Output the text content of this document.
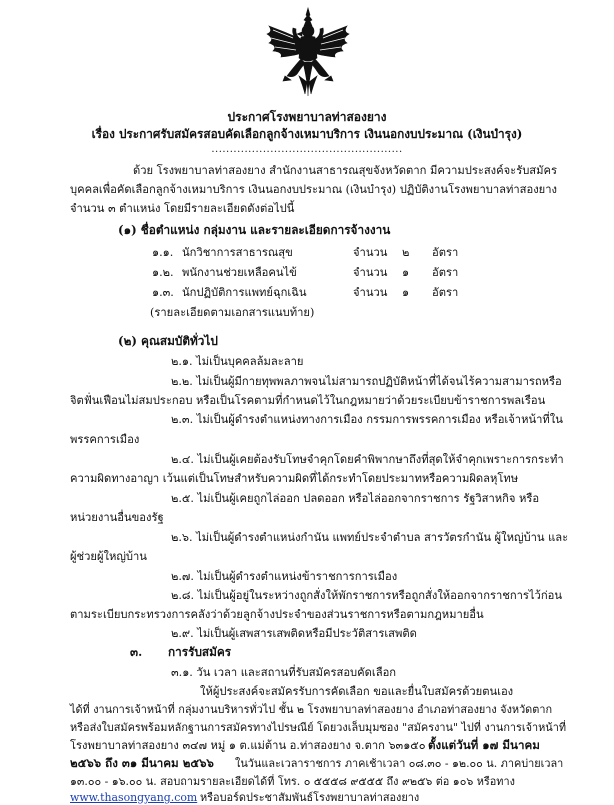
ประกาศโรงพยาบาลท่าสองยาง
เรื่อง ประกาศรับสมัครสอบคัดเลือกลูกจ้างเหมาบริการ เงินนอกงบประมาณ (เงินบำรุง)
....................................................
ด้วย โรงพยาบาลท่าสองยาง สำนักงานสาธารณสุขจังหวัดตาก มีความประสงค์จะรับสมัคร
บุคคลเพื่อคัดเลือกลูกจ้างเหมาบริการ เงินนอกงบประมาณ (เงินบำรุง) ปฏิบัติงานโรงพยาบาลท่าสองยาง
จำนวน ๓ ตำแหน่ง โดยมีรายละเอียดดังต่อไปนี้
(๑) ชื่อตำแหน่ง กลุ่มงาน และรายละเอียดการจ้างงาน
๑.๑. นักวิชาการสาธารณสุข	จำนวน ๒ อัตรา
๑.๒. พนักงานช่วยเหลือคนไข้	จำนวน ๑ อัตรา
๑.๓. นักปฏิบัติการแพทย์ฉุกเฉิน	จำนวน ๑ อัตรา
(รายละเอียดตามเอกสารแนบท้าย)
(๒) คุณสมบัติทั่วไป
๒.๑. ไม่เป็นบุคคลล้มละลาย
๒.๒. ไม่เป็นผู้มีกายทุพพลภาพจนไม่สามารถปฏิบัติหน้าที่ได้จนไร้ความสามารถหรือ
จิตฟั่นเฟือนไม่สมประกอบ หรือเป็นโรคตามที่กำหนดไว้ในกฎหมายว่าด้วยระเบียบข้าราชการพลเรือน
๒.๓. ไม่เป็นผู้ดำรงตำแหน่งทางการเมือง กรรมการพรรคการเมือง หรือเจ้าหน้าที่ใน
พรรคการเมือง
๒.๔. ไม่เป็นผู้เคยต้องรับโทษจำคุกโดยคำพิพากษาถึงที่สุดให้จำคุกเพราะการกระทำ
ความผิดทางอาญา เว้นแต่เป็นโทษสำหรับความผิดที่ได้กระทำโดยประมาทหรือความผิดลหุโทษ
๒.๕. ไม่เป็นผู้เคยถูกไล่ออก ปลดออก หรือไล่ออกจากราชการ รัฐวิสาหกิจ หรือ
หน่วยงานอื่นของรัฐ
๒.๖. ไม่เป็นผู้ดำรงตำแหน่งกำนัน แพทย์ประจำตำบล สารวัตรกำนัน ผู้ใหญ่บ้าน และ
ผู้ช่วยผู้ใหญ่บ้าน
๒.๗. ไม่เป็นผู้ดำรงตำแหน่งข้าราชการการเมือง
๒.๘. ไม่เป็นผู้อยู่ในระหว่างถูกสั่งให้พักราชการหรือถูกสั่งให้ออกจากราชการไว้ก่อน
ตามระเบียบกระทรวงการคลังว่าด้วยลูกจ้างประจำของส่วนราชการหรือตามกฎหมายอื่น
๒.๙. ไม่เป็นผู้เสพสารเสพติดหรือมีประวัติสารเสพติด
๓. การรับสมัคร
๓.๑. วัน เวลา และสถานที่รับสมัครสอบคัดเลือก
ให้ผู้ประสงค์จะสมัครรับการคัดเลือก ขอและยื่นใบสมัครด้วยตนเอง
ได้ที่ งานการเจ้าหน้าที่ กลุ่มงานบริหารทั่วไป ชั้น ๒ โรงพยาบาลท่าสองยาง อำเภอท่าสองยาง จังหวัดตาก
หรือส่งใบสมัครพร้อมหลักฐานการสมัครทางไปรษณีย์ โดยวงเล็บมุมซอง "สมัครงาน" ไปที่ งานการเจ้าหน้าที่
โรงพยาบาลท่าสองยาง ๓๔๗ หมู่ ๑ ต.แม่ต้าน อ.ท่าสองยาง จ.ตาก ๖๓๑๕๐ ตั้งแต่วันที่ ๑๗ มีนาคม
๒๕๖๖ ถึง ๓๑ มีนาคม ๒๕๖๖ ในวันและเวลาราชการ ภาคเช้าเวลา ๐๘.๓๐ - ๑๒.๐๐ น. ภาคบ่ายเวลา
๑๓.๐๐ - ๑๖.๐๐ น. สอบถามรายละเอียดได้ที่ โทร. ๐ ๕๕๕๘ ๙๕๕๕ ถึง ๙๒๕๖ ต่อ ๑๐๖ หรือทาง
www.thasongyang.com หรือบอร์ดประชาสัมพันธ์โรงพยาบาลท่าสองยาง
